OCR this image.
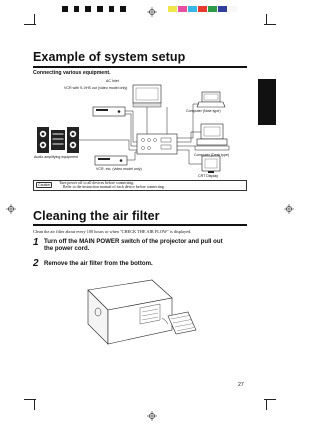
Example of system setup
Connecting various equipment.
AC Inlet
VCR with S-VHS out (video model only)
Computer (Note type)
Audio amplifying equipment	Computer (Desk type)
VCR, etc. (video model only)
CRT Display
Caution	Turn power off to all devices before connecting.
Refer to the instruction manual of each device before connecting.
Cleaning the air filter
Clean the air filter about every 100 hours or when "CHECK THE AIR FLOW" is displayed.
1 Turn off the MAIN POWER switch of the projector and pull out
the power cord.
2 Remove the air filter from the bottom.
27
